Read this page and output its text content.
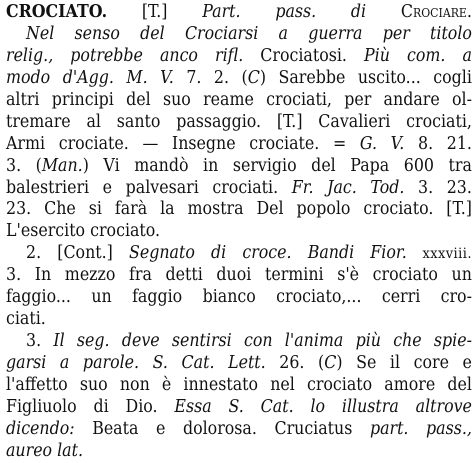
CROCIATO. [T.] Part. pass. di Crociare.
Nel senso del Crociarsi a guerra per titolo
relig., potrebbe anco rifl. Crociatosi. Più com. a
modo d'Agg. M. V. 7. 2. (C) Sarebbe uscito... cogli
altri principi del suo reame crociati, per andare ol-
tremare al santo passaggio. [T.] Cavalieri crociati,
Armi crociate. — Insegne crociate. = G. V. 8. 21.
3. (Man.) Vi mandò in servigio del Papa 600 tra
balestrieri e palvesari crociati. Fr. Jac. Tod. 3. 23.
23. Che si farà la mostra Del popolo crociato. [T.]
L'esercito crociato.
2. [Cont.] Segnato di croce. Bandi Fior. xxxviii.
3. In mezzo fra detti duoi termini s'è crociato un
faggio... un faggio bianco crociato,... cerri cro-
ciati.
3. Il seg. deve sentirsi con l'anima più che spie-
garsi a parole. S. Cat. Lett. 26. (C) Se il core e
l'affetto suo non è innestato nel crociato amore del
Figliuolo di Dio. Essa S. Cat. lo illustra altrove
dicendo: Beata e dolorosa. Cruciatus part. pass.,
aureo lat.
